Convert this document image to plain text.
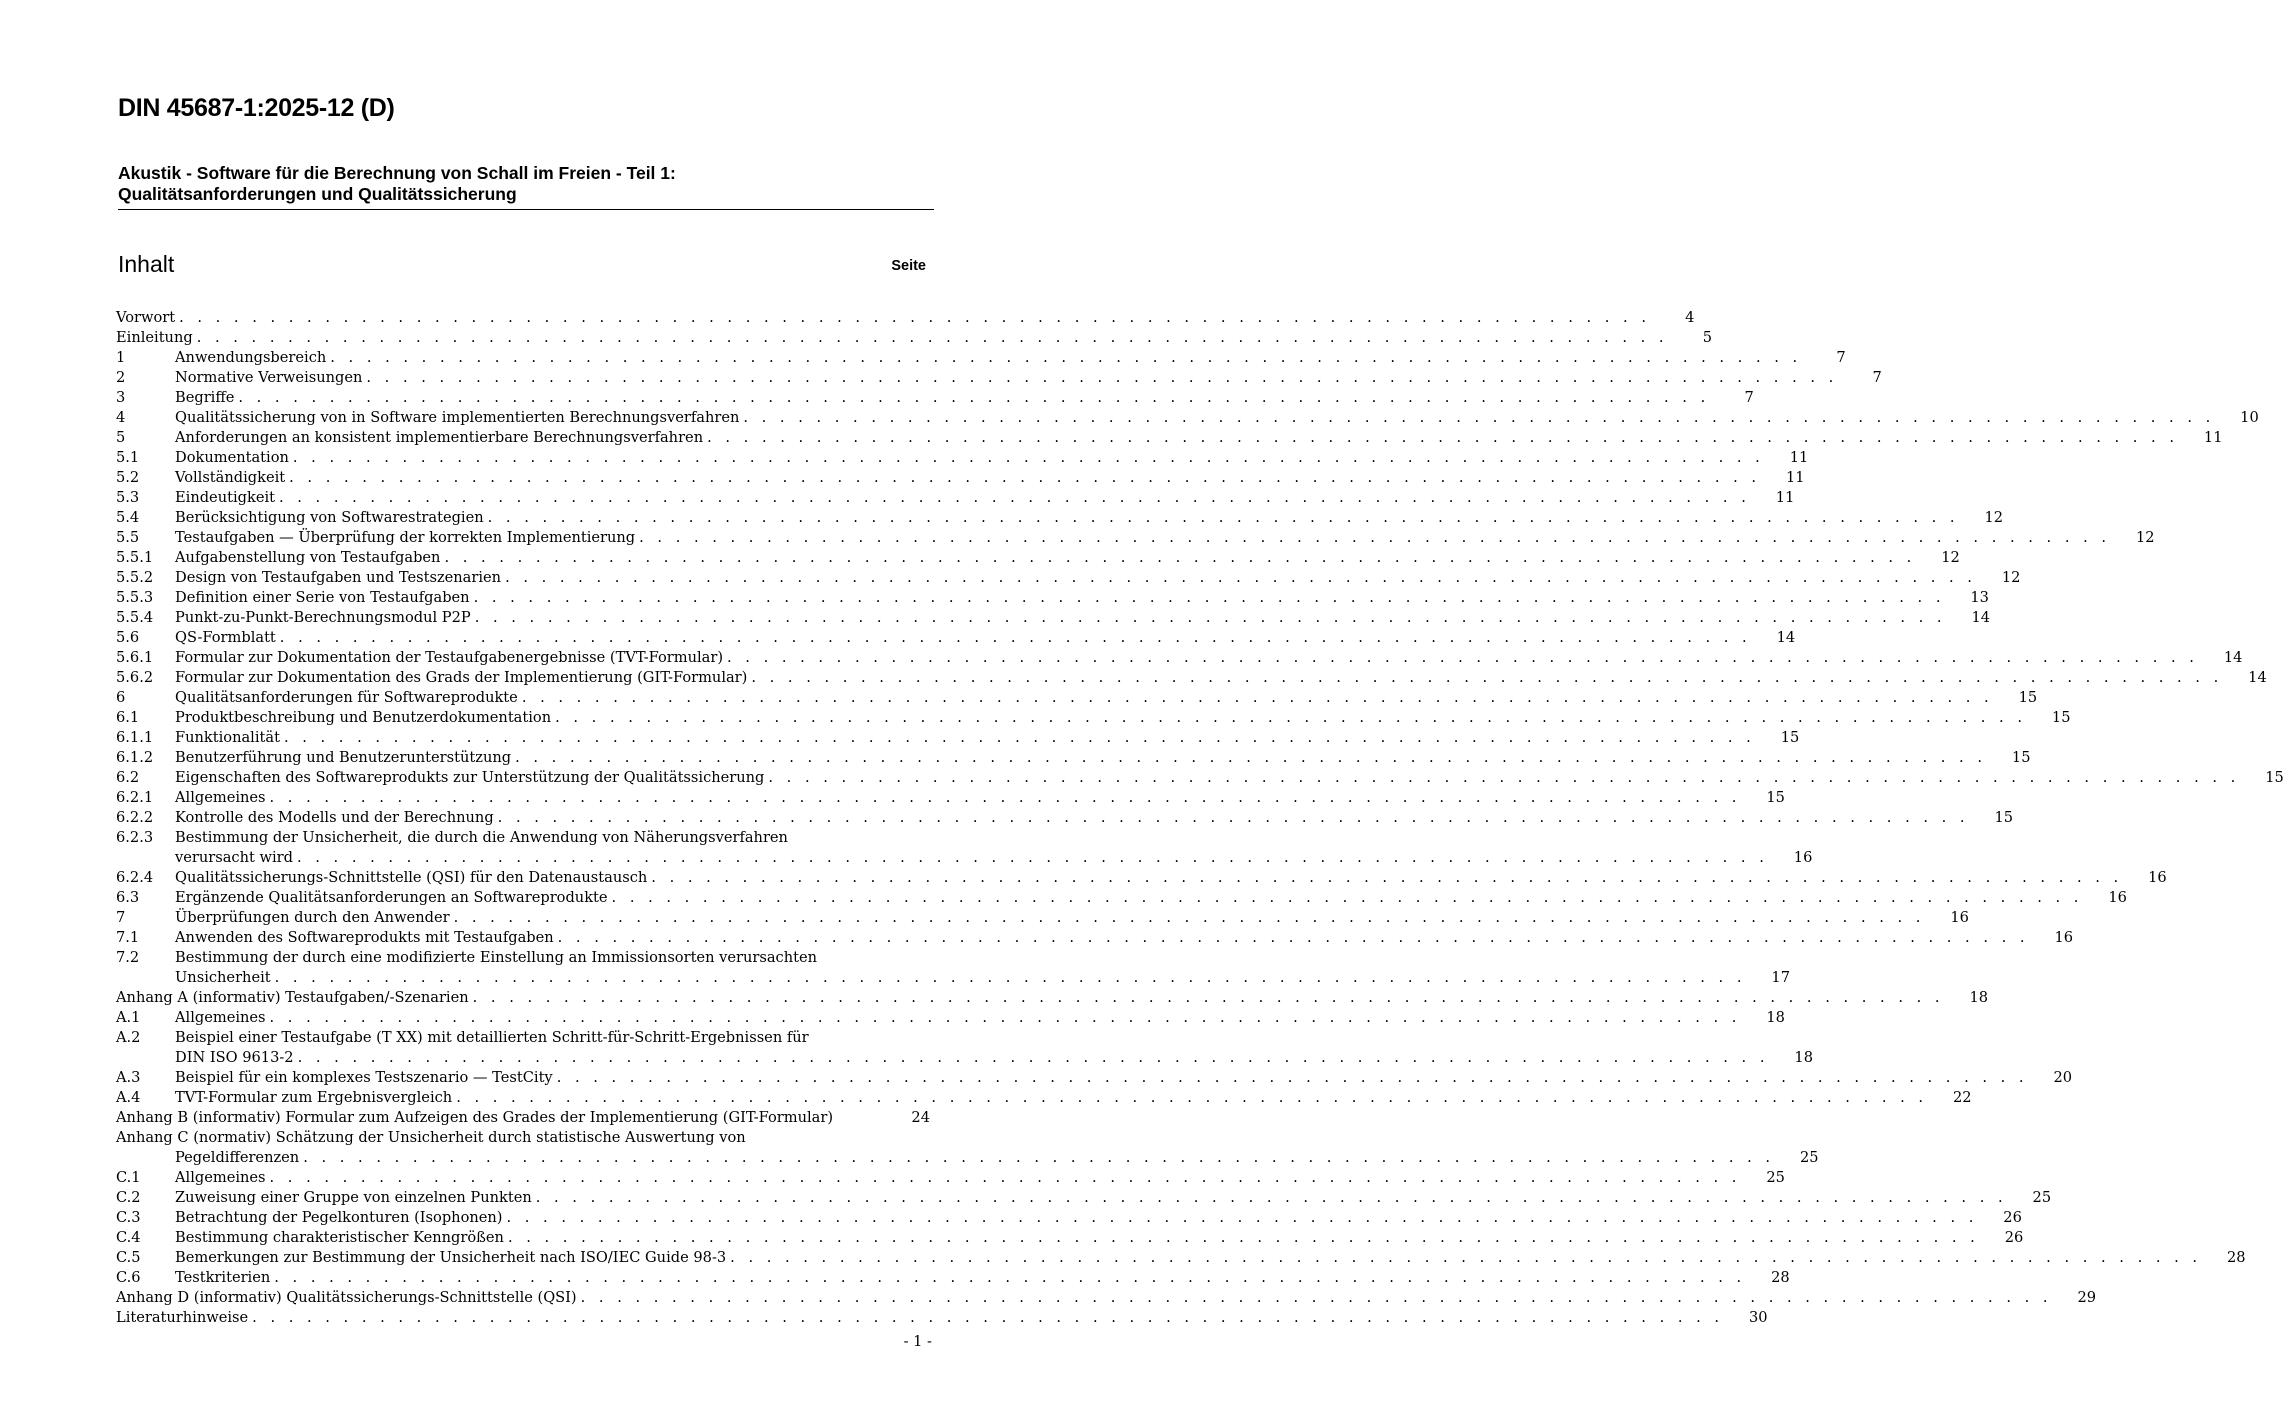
DIN 45687-1:2025-12 (D)
Akustik - Software für die Berechnung von Schall im Freien - Teil 1:
Qualitätsanforderungen und Qualitätssicherung
Inhalt	Seite
Vorwort . . . . . . . . . . . . . . . . . . . . . . . . . . . . . . . . . . . . . . . . . . . . . . . . . . . . . . . . . . . . . . . . . . . . . . . . . . . . . . . . .	4
Einleitung . . . . . . . . . . . . . . . . . . . . . . . . . . . . . . . . . . . . . . . . . . . . . . . . . . . . . . . . . . . . . . . . . . . . . . . . . . . . . . . . .	5
1	Anwendungsbereich . . . . . . . . . . . . . . . . . . . . . . . . . . . . . . . . . . . . . . . . . . . . . . . . . . . . . . . . . . . . . . . . . . . . . . . . . . . . . . . . .	7
2	Normative Verweisungen . . . . . . . . . . . . . . . . . . . . . . . . . . . . . . . . . . . . . . . . . . . . . . . . . . . . . . . . . . . . . . . . . . . . . . . . . . . . . . . . .	7
3	Begriffe . . . . . . . . . . . . . . . . . . . . . . . . . . . . . . . . . . . . . . . . . . . . . . . . . . . . . . . . . . . . . . . . . . . . . . . . . . . . . . . . .	7
4	Qualitätssicherung von in Software implementierten Berechnungsverfahren . . . . . . . . . . . . . . . . . . . . . . . . . . . . . . . . . . . . . . . . . . . . . . . . . . . . . . . . . . . . . . . . . . . . . . . . . . . . . . . . .	10
5	Anforderungen an konsistent implementierbare Berechnungsverfahren . . . . . . . . . . . . . . . . . . . . . . . . . . . . . . . . . . . . . . . . . . . . . . . . . . . . . . . . . . . . . . . . . . . . . . . . . . . . . . . . .	11
5.1	Dokumentation . . . . . . . . . . . . . . . . . . . . . . . . . . . . . . . . . . . . . . . . . . . . . . . . . . . . . . . . . . . . . . . . . . . . . . . . . . . . . . . . .	11
5.2	Vollständigkeit . . . . . . . . . . . . . . . . . . . . . . . . . . . . . . . . . . . . . . . . . . . . . . . . . . . . . . . . . . . . . . . . . . . . . . . . . . . . . . . . .	11
5.3	Eindeutigkeit . . . . . . . . . . . . . . . . . . . . . . . . . . . . . . . . . . . . . . . . . . . . . . . . . . . . . . . . . . . . . . . . . . . . . . . . . . . . . . . . .	11
5.4	Berücksichtigung von Softwarestrategien . . . . . . . . . . . . . . . . . . . . . . . . . . . . . . . . . . . . . . . . . . . . . . . . . . . . . . . . . . . . . . . . . . . . . . . . . . . . . . . . .	12
5.5	Testaufgaben — Überprüfung der korrekten Implementierung . . . . . . . . . . . . . . . . . . . . . . . . . . . . . . . . . . . . . . . . . . . . . . . . . . . . . . . . . . . . . . . . . . . . . . . . . . . . . . . . .	12
5.5.1	Aufgabenstellung von Testaufgaben . . . . . . . . . . . . . . . . . . . . . . . . . . . . . . . . . . . . . . . . . . . . . . . . . . . . . . . . . . . . . . . . . . . . . . . . . . . . . . . . .	12
5.5.2	Design von Testaufgaben und Testszenarien . . . . . . . . . . . . . . . . . . . . . . . . . . . . . . . . . . . . . . . . . . . . . . . . . . . . . . . . . . . . . . . . . . . . . . . . . . . . . . . . .	12
5.5.3	Definition einer Serie von Testaufgaben . . . . . . . . . . . . . . . . . . . . . . . . . . . . . . . . . . . . . . . . . . . . . . . . . . . . . . . . . . . . . . . . . . . . . . . . . . . . . . . . .	13
5.5.4	Punkt-zu-Punkt-Berechnungsmodul P2P . . . . . . . . . . . . . . . . . . . . . . . . . . . . . . . . . . . . . . . . . . . . . . . . . . . . . . . . . . . . . . . . . . . . . . . . . . . . . . . . .	14
5.6	QS-Formblatt . . . . . . . . . . . . . . . . . . . . . . . . . . . . . . . . . . . . . . . . . . . . . . . . . . . . . . . . . . . . . . . . . . . . . . . . . . . . . . . . .	14
5.6.1	Formular zur Dokumentation der Testaufgabenergebnisse (TVT-Formular) . . . . . . . . . . . . . . . . . . . . . . . . . . . . . . . . . . . . . . . . . . . . . . . . . . . . . . . . . . . . . . . . . . . . . . . . . . . . . . . . .	14
5.6.2	Formular zur Dokumentation des Grads der Implementierung (GIT-Formular) . . . . . . . . . . . . . . . . . . . . . . . . . . . . . . . . . . . . . . . . . . . . . . . . . . . . . . . . . . . . . . . . . . . . . . . . . . . . . . . . .	14
6	Qualitätsanforderungen für Softwareprodukte . . . . . . . . . . . . . . . . . . . . . . . . . . . . . . . . . . . . . . . . . . . . . . . . . . . . . . . . . . . . . . . . . . . . . . . . . . . . . . . . .	15
6.1	Produktbeschreibung und Benutzerdokumentation . . . . . . . . . . . . . . . . . . . . . . . . . . . . . . . . . . . . . . . . . . . . . . . . . . . . . . . . . . . . . . . . . . . . . . . . . . . . . . . . .	15
6.1.1	Funktionalität . . . . . . . . . . . . . . . . . . . . . . . . . . . . . . . . . . . . . . . . . . . . . . . . . . . . . . . . . . . . . . . . . . . . . . . . . . . . . . . . .	15
6.1.2	Benutzerführung und Benutzerunterstützung . . . . . . . . . . . . . . . . . . . . . . . . . . . . . . . . . . . . . . . . . . . . . . . . . . . . . . . . . . . . . . . . . . . . . . . . . . . . . . . . .	15
6.2	Eigenschaften des Softwareprodukts zur Unterstützung der Qualitätssicherung . . . . . . . . . . . . . . . . . . . . . . . . . . . . . . . . . . . . . . . . . . . . . . . . . . . . . . . . . . . . . . . . . . . . . . . . . . . . . . . . .	15
6.2.1	Allgemeines . . . . . . . . . . . . . . . . . . . . . . . . . . . . . . . . . . . . . . . . . . . . . . . . . . . . . . . . . . . . . . . . . . . . . . . . . . . . . . . . .	15
6.2.2	Kontrolle des Modells und der Berechnung . . . . . . . . . . . . . . . . . . . . . . . . . . . . . . . . . . . . . . . . . . . . . . . . . . . . . . . . . . . . . . . . . . . . . . . . . . . . . . . . .	15
6.2.3	Bestimmung der Unsicherheit, die durch die Anwendung von Näherungsverfahren
verursacht wird . . . . . . . . . . . . . . . . . . . . . . . . . . . . . . . . . . . . . . . . . . . . . . . . . . . . . . . . . . . . . . . . . . . . . . . . . . . . . . . . .	16
6.2.4	Qualitätssicherungs-Schnittstelle (QSI) für den Datenaustausch . . . . . . . . . . . . . . . . . . . . . . . . . . . . . . . . . . . . . . . . . . . . . . . . . . . . . . . . . . . . . . . . . . . . . . . . . . . . . . . . .	16
6.3	Ergänzende Qualitätsanforderungen an Softwareprodukte . . . . . . . . . . . . . . . . . . . . . . . . . . . . . . . . . . . . . . . . . . . . . . . . . . . . . . . . . . . . . . . . . . . . . . . . . . . . . . . . .	16
7	Überprüfungen durch den Anwender . . . . . . . . . . . . . . . . . . . . . . . . . . . . . . . . . . . . . . . . . . . . . . . . . . . . . . . . . . . . . . . . . . . . . . . . . . . . . . . . .	16
7.1	Anwenden des Softwareprodukts mit Testaufgaben . . . . . . . . . . . . . . . . . . . . . . . . . . . . . . . . . . . . . . . . . . . . . . . . . . . . . . . . . . . . . . . . . . . . . . . . . . . . . . . . .	16
7.2	Bestimmung der durch eine modifizierte Einstellung an Immissionsorten verursachten
Unsicherheit . . . . . . . . . . . . . . . . . . . . . . . . . . . . . . . . . . . . . . . . . . . . . . . . . . . . . . . . . . . . . . . . . . . . . . . . . . . . . . . . .	17
Anhang A (informativ) Testaufgaben/-Szenarien . . . . . . . . . . . . . . . . . . . . . . . . . . . . . . . . . . . . . . . . . . . . . . . . . . . . . . . . . . . . . . . . . . . . . . . . . . . . . . . . .	18
A.1	Allgemeines . . . . . . . . . . . . . . . . . . . . . . . . . . . . . . . . . . . . . . . . . . . . . . . . . . . . . . . . . . . . . . . . . . . . . . . . . . . . . . . . .	18
A.2	Beispiel einer Testaufgabe (T XX) mit detaillierten Schritt-für-Schritt-Ergebnissen für
DIN ISO 9613-2 . . . . . . . . . . . . . . . . . . . . . . . . . . . . . . . . . . . . . . . . . . . . . . . . . . . . . . . . . . . . . . . . . . . . . . . . . . . . . . . . .	18
A.3	Beispiel für ein komplexes Testszenario — TestCity . . . . . . . . . . . . . . . . . . . . . . . . . . . . . . . . . . . . . . . . . . . . . . . . . . . . . . . . . . . . . . . . . . . . . . . . . . . . . . . . .	20
A.4	TVT-Formular zum Ergebnisvergleich . . . . . . . . . . . . . . . . . . . . . . . . . . . . . . . . . . . . . . . . . . . . . . . . . . . . . . . . . . . . . . . . . . . . . . . . . . . . . . . . .	22
Anhang B (informativ) Formular zum Aufzeigen des Grades der Implementierung (GIT-Formular)	24
Anhang C (normativ) Schätzung der Unsicherheit durch statistische Auswertung von
Pegeldifferenzen . . . . . . . . . . . . . . . . . . . . . . . . . . . . . . . . . . . . . . . . . . . . . . . . . . . . . . . . . . . . . . . . . . . . . . . . . . . . . . . . .	25
C.1	Allgemeines . . . . . . . . . . . . . . . . . . . . . . . . . . . . . . . . . . . . . . . . . . . . . . . . . . . . . . . . . . . . . . . . . . . . . . . . . . . . . . . . .	25
C.2	Zuweisung einer Gruppe von einzelnen Punkten . . . . . . . . . . . . . . . . . . . . . . . . . . . . . . . . . . . . . . . . . . . . . . . . . . . . . . . . . . . . . . . . . . . . . . . . . . . . . . . . .	25
C.3	Betrachtung der Pegelkonturen (Isophonen) . . . . . . . . . . . . . . . . . . . . . . . . . . . . . . . . . . . . . . . . . . . . . . . . . . . . . . . . . . . . . . . . . . . . . . . . . . . . . . . . .	26
C.4	Bestimmung charakteristischer Kenngrößen . . . . . . . . . . . . . . . . . . . . . . . . . . . . . . . . . . . . . . . . . . . . . . . . . . . . . . . . . . . . . . . . . . . . . . . . . . . . . . . . .	26
C.5	Bemerkungen zur Bestimmung der Unsicherheit nach ISO/IEC Guide 98-3 . . . . . . . . . . . . . . . . . . . . . . . . . . . . . . . . . . . . . . . . . . . . . . . . . . . . . . . . . . . . . . . . . . . . . . . . . . . . . . . . .	28
C.6	Testkriterien . . . . . . . . . . . . . . . . . . . . . . . . . . . . . . . . . . . . . . . . . . . . . . . . . . . . . . . . . . . . . . . . . . . . . . . . . . . . . . . . .	28
Anhang D (informativ) Qualitätssicherungs-Schnittstelle (QSI) . . . . . . . . . . . . . . . . . . . . . . . . . . . . . . . . . . . . . . . . . . . . . . . . . . . . . . . . . . . . . . . . . . . . . . . . . . . . . . . . .	29
Literaturhinweise . . . . . . . . . . . . . . . . . . . . . . . . . . . . . . . . . . . . . . . . . . . . . . . . . . . . . . . . . . . . . . . . . . . . . . . . . . . . . . . . .	30
- 1 -
